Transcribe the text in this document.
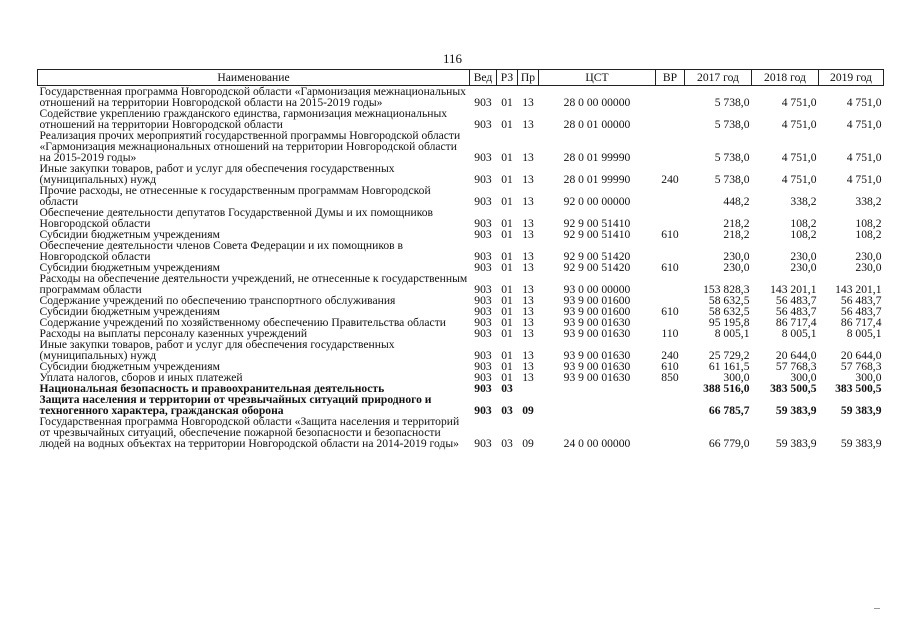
116
Наименование	Вед	РЗ	Пр	ЦСТ	ВР	2017 год	2018 год	2019 год
Государственная программа Новгородской области «Гармонизация межнациональных отношений на территории Новгородской области на 2015-2019 годы»	903	01	13	28 0 00 00000		5 738,0	4 751,0	4 751,0
Содействие укреплению гражданского единства, гармонизация межнациональных отношений на территории Новгородской области	903	01	13	28 0 01 00000		5 738,0	4 751,0	4 751,0
Реализация прочих мероприятий государственной программы Новгородской области «Гармонизация межнациональных отношений на территории Новгородской области на 2015-2019 годы»	903	01	13	28 0 01 99990		5 738,0	4 751,0	4 751,0
Иные закупки товаров, работ и услуг для обеспечения государственных (муниципальных) нужд	903	01	13	28 0 01 99990	240	5 738,0	4 751,0	4 751,0
Прочие расходы, не отнесенные к государственным программам Новгородской области	903	01	13	92 0 00 00000		448,2	338,2	338,2
Обеспечение деятельности депутатов Государственной Думы и их помощников Новгородской области	903	01	13	92 9 00 51410		218,2	108,2	108,2
Субсидии бюджетным учреждениям	903	01	13	92 9 00 51410	610	218,2	108,2	108,2
Обеспечение деятельности членов Совета Федерации и их помощников в Новгородской области	903	01	13	92 9 00 51420		230,0	230,0	230,0
Субсидии бюджетным учреждениям	903	01	13	92 9 00 51420	610	230,0	230,0	230,0
Расходы на обеспечение деятельности учреждений, не отнесенные к государственным программам области	903	01	13	93 0 00 00000		153 828,3	143 201,1	143 201,1
Содержание учреждений по обеспечению транспортного обслуживания	903	01	13	93 9 00 01600		58 632,5	56 483,7	56 483,7
Субсидии бюджетным учреждениям	903	01	13	93 9 00 01600	610	58 632,5	56 483,7	56 483,7
Содержание учреждений по хозяйственному обеспечению Правительства области	903	01	13	93 9 00 01630		95 195,8	86 717,4	86 717,4
Расходы на выплаты персоналу казенных учреждений	903	01	13	93 9 00 01630	110	8 005,1	8 005,1	8 005,1
Иные закупки товаров, работ и услуг для обеспечения государственных (муниципальных) нужд	903	01	13	93 9 00 01630	240	25 729,2	20 644,0	20 644,0
Субсидии бюджетным учреждениям	903	01	13	93 9 00 01630	610	61 161,5	57 768,3	57 768,3
Уплата налогов, сборов и иных платежей	903	01	13	93 9 00 01630	850	300,0	300,0	300,0
Национальная безопасность и правоохранительная деятельность	903	03				388 516,0	383 500,5	383 500,5
Защита населения и территории от чрезвычайных ситуаций природного и техногенного характера, гражданская оборона	903	03	09			66 785,7	59 383,9	59 383,9
Государственная программа Новгородской области «Защита населения и территорий от чрезвычайных ситуаций, обеспечение пожарной безопасности и безопасности людей на водных объектах на территории Новгородской области на 2014-2019 годы»	903	03	09	24 0 00 00000		66 779,0	59 383,9	59 383,9
